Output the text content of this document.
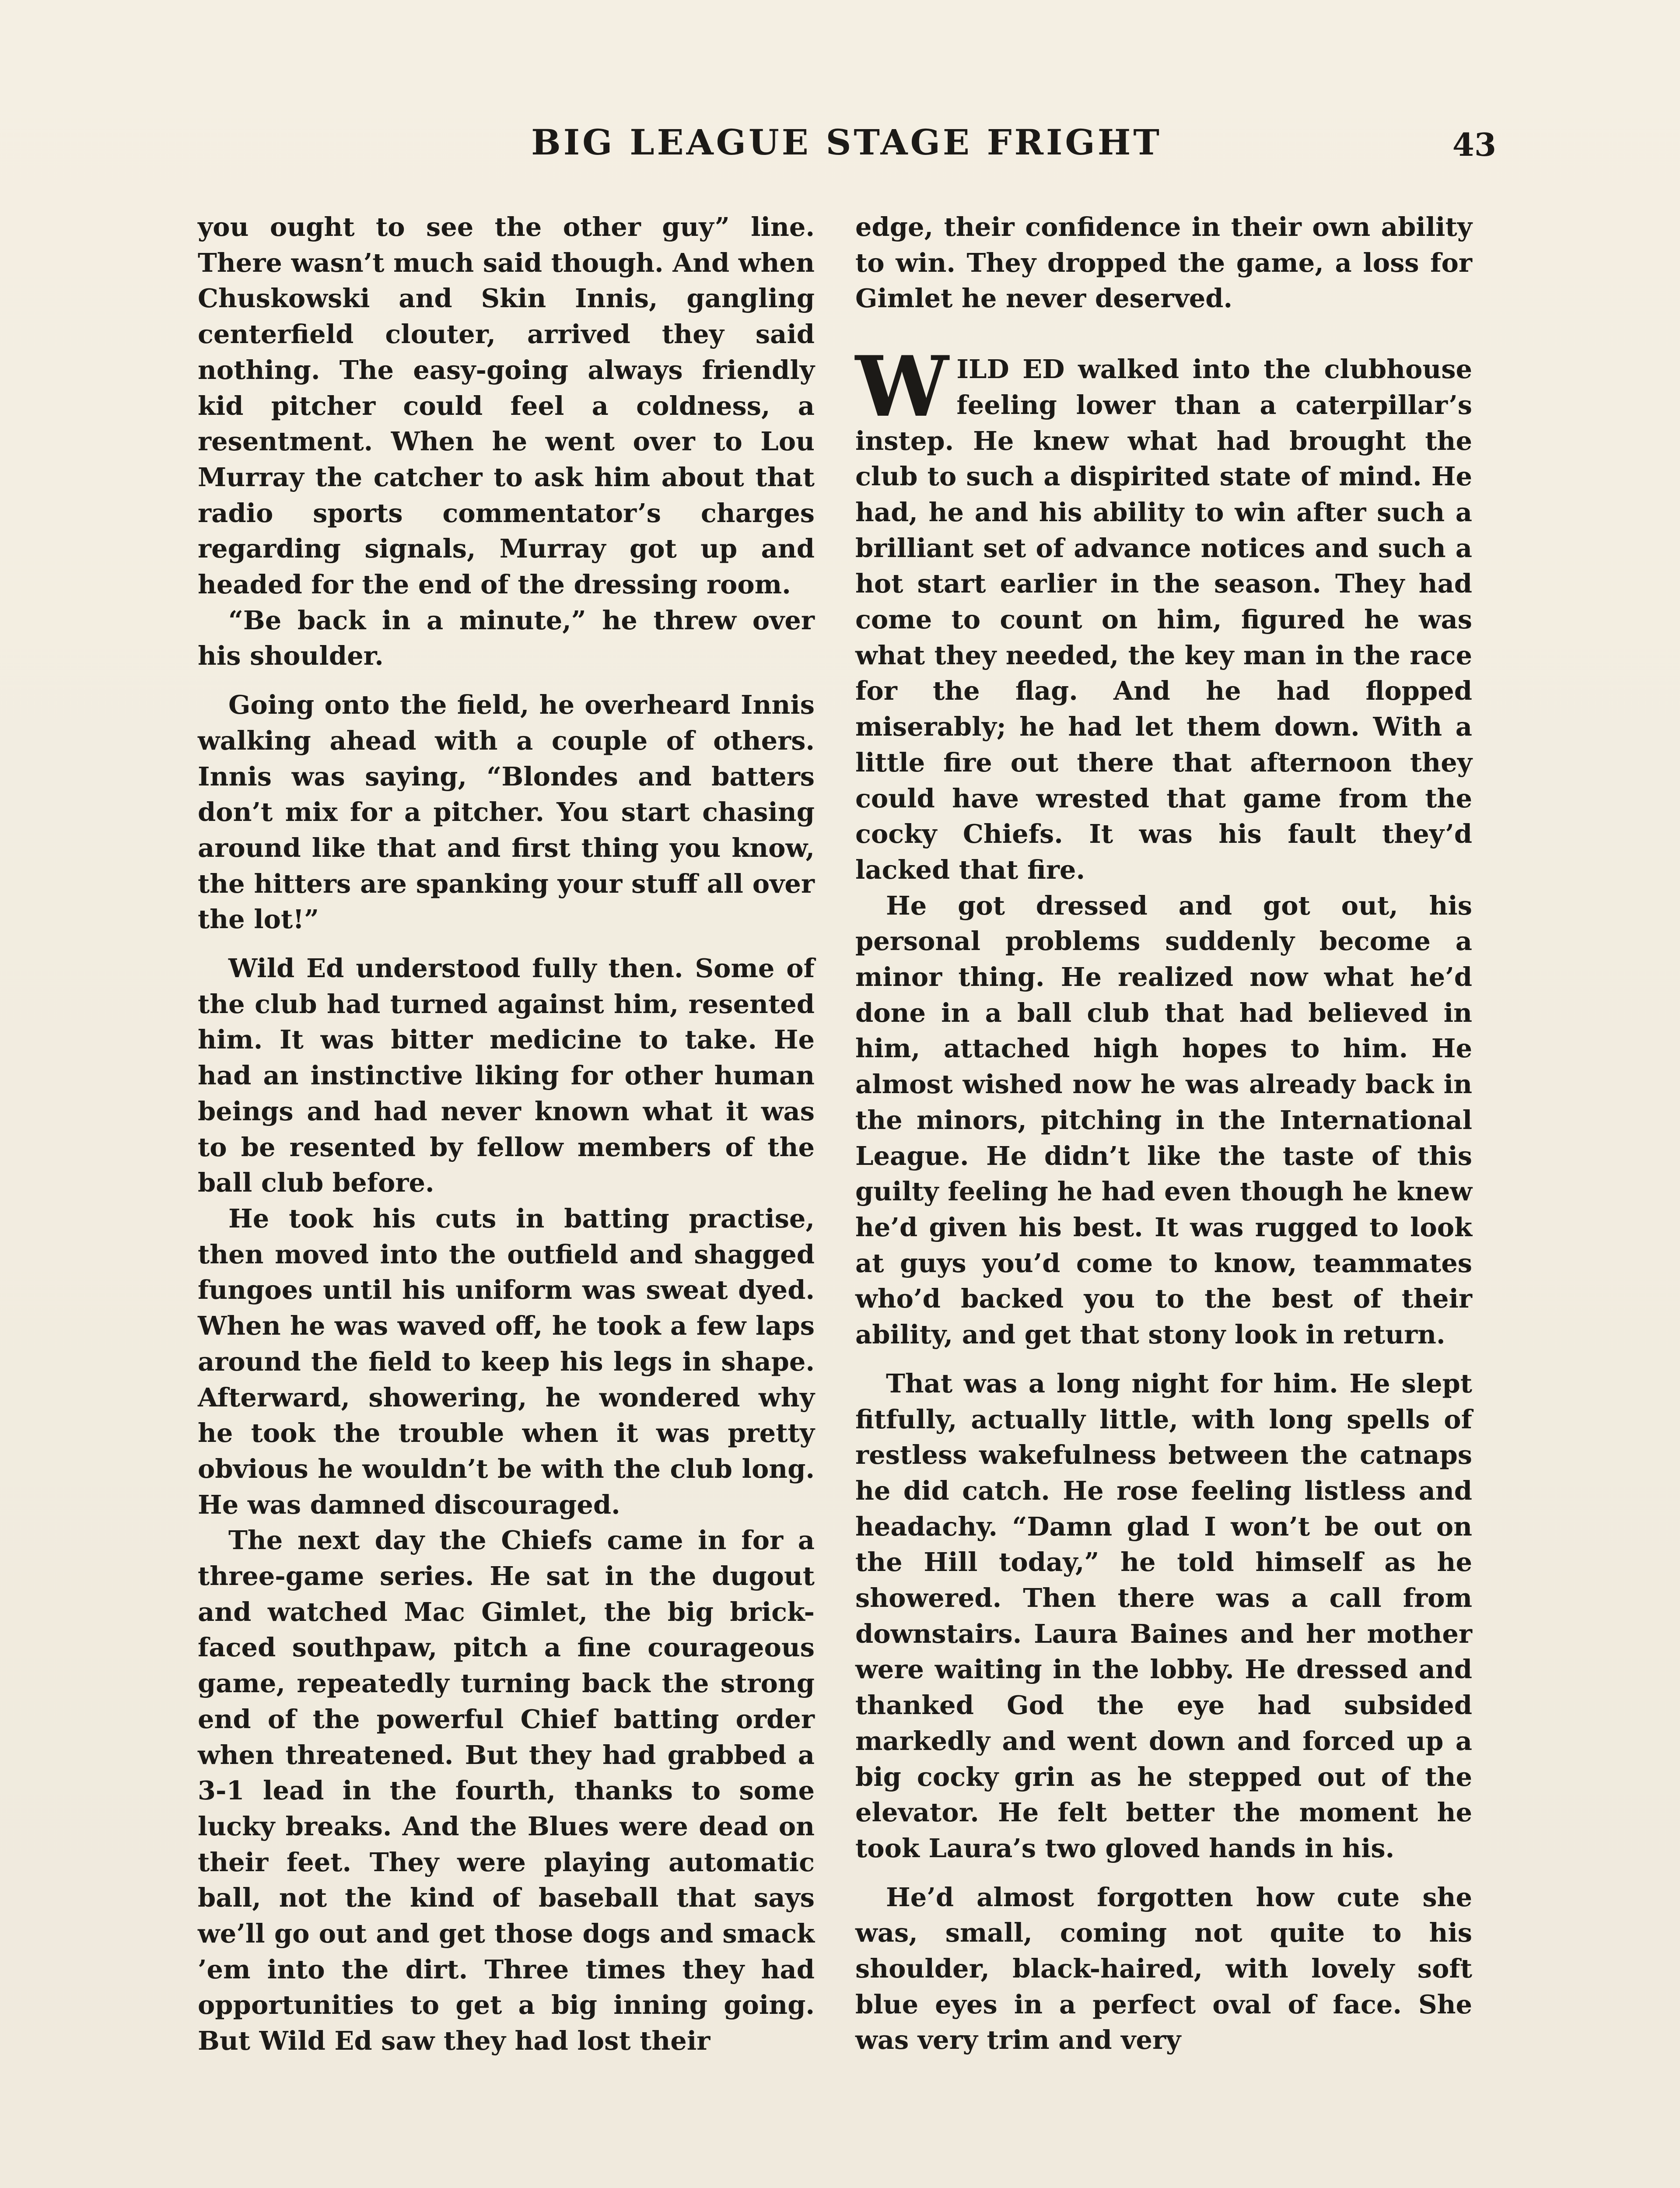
BIG LEAGUE STAGE FRIGHT	43

you ought to see the other guy” line. There wasn’t much said though. And when Chuskowski and Skin Innis, gangling centerfield clouter, arrived they said nothing. The easy-going always friendly kid pitcher could feel a coldness, a resentment. When he went over to Lou Murray the catcher to ask him about that radio sports commentator’s charges regarding signals, Murray got up and headed for the end of the dressing room.

“Be back in a minute,” he threw over his shoulder.

Going onto the field, he overheard Innis walking ahead with a couple of others. Innis was saying, “Blondes and batters don’t mix for a pitcher. You start chasing around like that and first thing you know, the hitters are spanking your stuff all over the lot!”

Wild Ed understood fully then. Some of the club had turned against him, resented him. It was bitter medicine to take. He had an instinctive liking for other human beings and had never known what it was to be resented by fellow members of the ball club before.

He took his cuts in batting practise, then moved into the outfield and shagged fungoes until his uniform was sweat dyed. When he was waved off, he took a few laps around the field to keep his legs in shape. Afterward, showering, he wondered why he took the trouble when it was pretty obvious he wouldn’t be with the club long. He was damned discouraged.

The next day the Chiefs came in for a three-game series. He sat in the dugout and watched Mac Gimlet, the big brick-faced southpaw, pitch a fine courageous game, repeatedly turning back the strong end of the powerful Chief batting order when threatened. But they had grabbed a 3-1 lead in the fourth, thanks to some lucky breaks. And the Blues were dead on their feet. They were playing automatic ball, not the kind of baseball that says we’ll go out and get those dogs and smack ’em into the dirt. Three times they had opportunities to get a big inning going. But Wild Ed saw they had lost their

edge, their confidence in their own ability to win. They dropped the game, a loss for Gimlet he never deserved.

WILD ED walked into the clubhouse feeling lower than a caterpillar’s instep. He knew what had brought the club to such a dispirited state of mind. He had, he and his ability to win after such a brilliant set of advance notices and such a hot start earlier in the season. They had come to count on him, figured he was what they needed, the key man in the race for the flag. And he had flopped miserably; he had let them down. With a little fire out there that afternoon they could have wrested that game from the cocky Chiefs. It was his fault they’d lacked that fire.

He got dressed and got out, his personal problems suddenly become a minor thing. He realized now what he’d done in a ball club that had believed in him, attached high hopes to him. He almost wished now he was already back in the minors, pitching in the International League. He didn’t like the taste of this guilty feeling he had even though he knew he’d given his best. It was rugged to look at guys you’d come to know, teammates who’d backed you to the best of their ability, and get that stony look in return.

That was a long night for him. He slept fitfully, actually little, with long spells of restless wakefulness between the catnaps he did catch. He rose feeling listless and headachy. “Damn glad I won’t be out on the Hill today,” he told himself as he showered. Then there was a call from downstairs. Laura Baines and her mother were waiting in the lobby. He dressed and thanked God the eye had subsided markedly and went down and forced up a big cocky grin as he stepped out of the elevator. He felt better the moment he took Laura’s two gloved hands in his.

He’d almost forgotten how cute she was, small, coming not quite to his shoulder, black-haired, with lovely soft blue eyes in a perfect oval of face. She was very trim and very
